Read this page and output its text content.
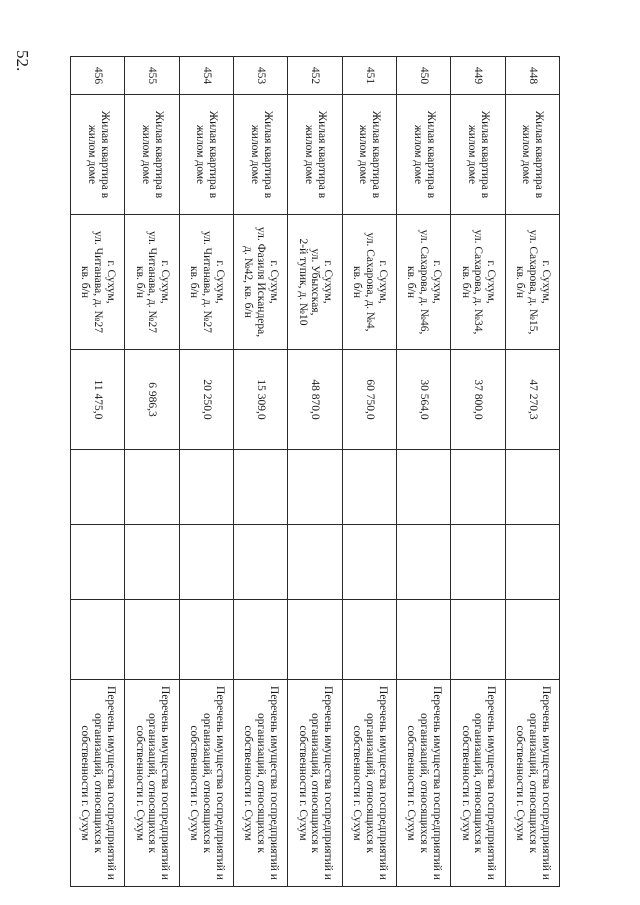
52.
448	Жилая квартира в жилом доме	г. Сухум,
ул. Сахарова, д. №15,
кв. б/н	47 270,3				Перечень имущества госпредприятий и организаций, относящихся к собственности г. Сухум
449	Жилая квартира в жилом доме	г. Сухум,
ул. Сахарова, д. №34,
кв. б/н	37 800,0				Перечень имущества госпредприятий и организаций, относящихся к собственности г. Сухум
450	Жилая квартира в жилом доме	г. Сухум,
ул. Сахарова, д. №46,
кв. б/н	30 564,0				Перечень имущества госпредприятий и организаций, относящихся к собственности г. Сухум
451	Жилая квартира в жилом доме	г. Сухум,
ул. Сахарова, д. №4,
кв. б/н	60 750,0				Перечень имущества госпредприятий и организаций, относящихся к собственности г. Сухум
452	Жилая квартира в жилом доме	г. Сухум,
ул. Убыхская,
2-й тупик, д. №10	48 870,0				Перечень имущества госпредприятий и организаций, относящихся к собственности г. Сухум
453	Жилая квартира в жилом доме	г. Сухум,
ул. Фазиля Искандера,
д. №42, кв. б/н	15 309,0				Перечень имущества госпредприятий и организаций, относящихся к собственности г. Сухум
454	Жилая квартира в жилом доме	г. Сухум,
ул. Читанава, д. №27
кв. б/н	20 250,0				Перечень имущества госпредприятий и организаций, относящихся к собственности г. Сухум
455	Жилая квартира в жилом доме	г. Сухум,
ул. Читанава, д. №27
кв. б/н	6 986,3				Перечень имущества госпредприятий и организаций, относящихся к собственности г. Сухум
456	Жилая квартира в жилом доме	г. Сухум,
ул. Читанава, д. №27
кв. б/н	11 475,0				Перечень имущества госпредприятий и организаций, относящихся к собственности г. Сухум
